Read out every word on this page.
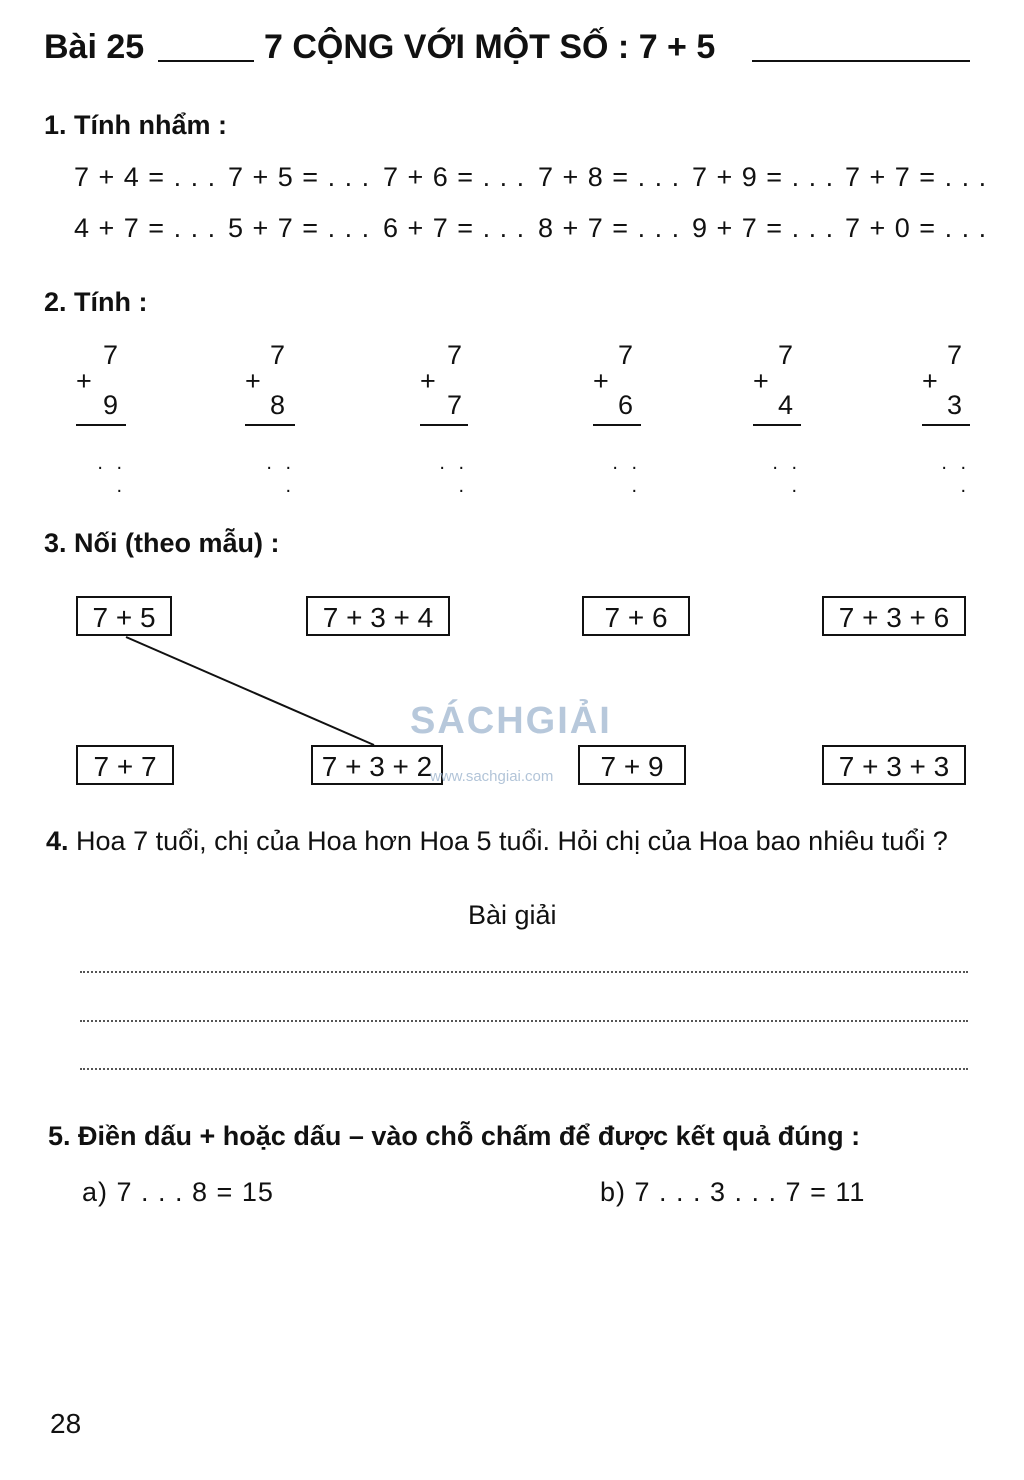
Bài 25	7 CỘNG VỚI MỘT SỐ : 7 + 5
1. Tính nhẩm :
7 + 4 = . . . 7 + 5 = . . . 7 + 6 = . . . 7 + 8 = . . . 7 + 9 = . . . 7 + 7 = . . .
4 + 7 = . . . 5 + 7 = . . . 6 + 7 = . . . 8 + 7 = . . . 9 + 7 = . . . 7 + 0 = . . .
2. Tính :
7
+
9
. . .
7
+
8
. . .
7
+
7
. . .
7
+
6
. . .
7
+
4
. . .
7
+
3
. . .
3. Nối (theo mẫu) :
7 + 5	7 + 3 + 4	7 + 6	7 + 3 + 6
7 + 7	7 + 3 + 2	7 + 9	7 + 3 + 3
SÁCHGIẢI
www.sachgiai.com
4. Hoa 7 tuổi, chị của Hoa hơn Hoa 5 tuổi. Hỏi chị của Hoa bao nhiêu tuổi ?
Bài giải
5. Điền dấu + hoặc dấu – vào chỗ chấm để được kết quả đúng :
a) 7 . . . 8 = 15	b) 7 . . . 3 . . . 7 = 11
28
